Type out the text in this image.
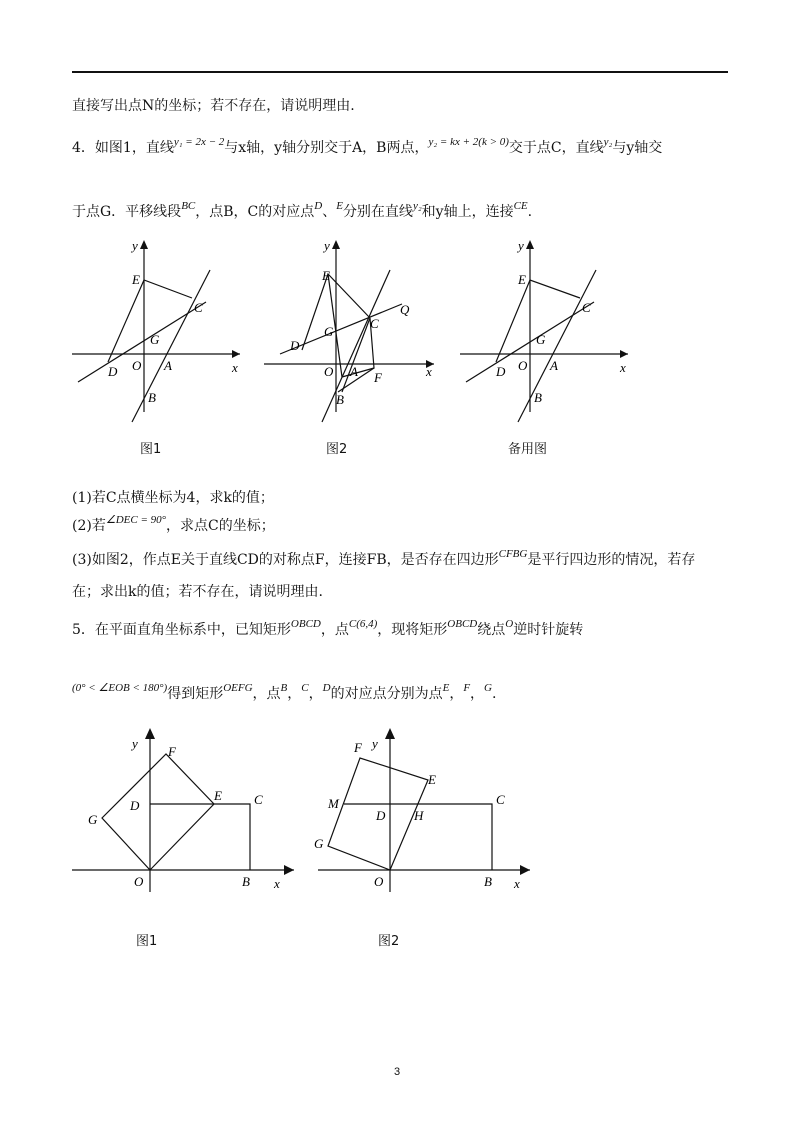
直接写出点N的坐标；若不存在，请说明理由.
4．如图1，直线$^{y_1 = 2x - 2}$与x轴，y轴分别交于A，B两点，$^{y_2 = kx + 2(k > 0)}$交于点C，直线$^{y_2}$与y轴交
于点G．平移线段$^{BC}$，点B，C的对应点$^D$、$^E$分别在直线$^{y_2}$和y轴上，连接$^{CE}$.
y
x
E
C
G
O A
D
B
图1
y
x
E
Q
C
G
D
O A F
B
图2
y
x
E
C
G
O A
D
B
备用图
(1)若C点横坐标为4，求k的值；
(2)若$^{\angle DEC = 90^\circ}$，求点C的坐标；
(3)如图2，作点E关于直线CD的对称点F，连接FB，是否存在四边形$^{CFBG}$是平行四边形的情况，若存
在；求出k的值；若不存在，请说明理由.
5．在平面直角坐标系中，已知矩形$^{OBCD}$，点$^{C(6,4)}$，现将矩形$^{OBCD}$绕点$^O$逆时针旋转
$^{(0^\circ < \angle EOB < 180^\circ)}$得到矩形$^{OEFG}$，点$^B$，$^C$，$^D$的对应点分别为点$^E$，$^F$，$^G$.
y
F
D
E C
G
O	B x
图1
y
F
E
M	C
D H
G
O	B x
图2
3
